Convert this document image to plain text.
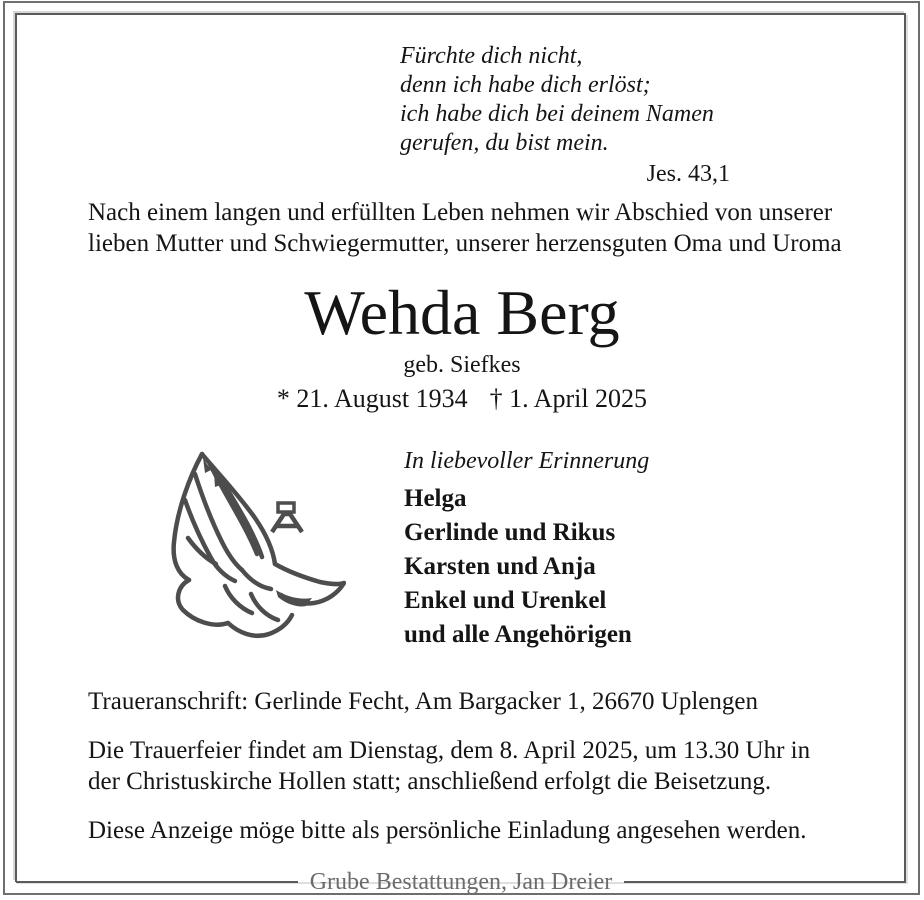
Fürchte dich nicht,
denn ich habe dich erlöst;
ich habe dich bei deinem Namen
gerufen, du bist mein.
Jes. 43,1
Nach einem langen und erfüllten Leben nehmen wir Abschied von unserer
lieben Mutter und Schwiegermutter, unserer herzensguten Oma und Uroma
Wehda Berg
geb. Siefkes
* 21. August 1934 † 1. April 2025
In liebevoller Erinnerung
Helga
Gerlinde und Rikus
Karsten und Anja
Enkel und Urenkel
und alle Angehörigen
Traueranschrift: Gerlinde Fecht, Am Bargacker 1, 26670 Uplengen
Die Trauerfeier findet am Dienstag, dem 8. April 2025, um 13.30 Uhr in
der Christuskirche Hollen statt; anschließend erfolgt die Beisetzung.
Diese Anzeige möge bitte als persönliche Einladung angesehen werden.
Grube Bestattungen, Jan Dreier
